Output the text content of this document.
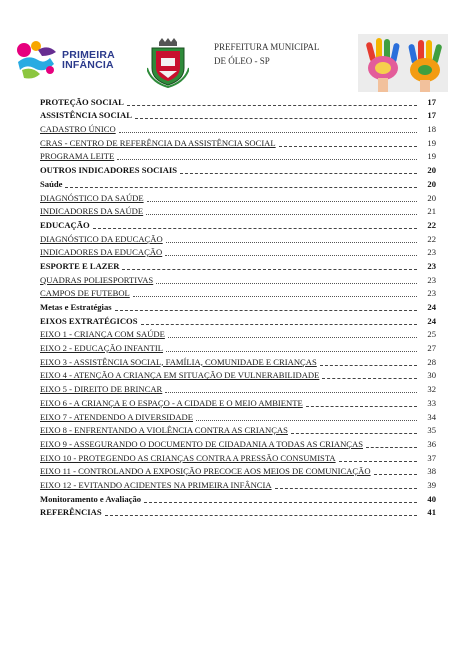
PRIMEIRA
INFÂNCIA
PREFEITURA MUNICIPAL
DE ÓLEO - SP
PROTEÇÃO SOCIAL	17
ASSISTÊNCIA SOCIAL	17
CADASTRO ÚNICO	18
CRAS - CENTRO DE REFERÊNCIA DA ASSISTÊNCIA SOCIAL	19
PROGRAMA LEITE	19
OUTROS INDICADORES SOCIAIS	20
Saúde	20
DIAGNÓSTICO DA SAÚDE	20
INDICADORES DA SAÚDE	21
EDUCAÇÃO	22
DIAGNÓSTICO DA EDUCAÇÃO	22
INDICADORES DA EDUCAÇÃO	23
ESPORTE E LAZER	23
QUADRAS POLIESPORTIVAS	23
CAMPOS DE FUTEBOL	23
Metas e Estratégias	24
EIXOS EXTRATÉGICOS	24
EIXO 1 - CRIANÇA COM SAÚDE	25
EIXO 2 - EDUCAÇÃO INFANTIL	27
EIXO 3 - ASSISTÊNCIA SOCIAL, FAMÍLIA, COMUNIDADE E CRIANÇAS	28
EIXO 4 - ATENÇÃO A CRIANÇA EM SITUAÇÃO DE VULNERABILIDADE	30
EIXO 5 - DIREITO DE BRINCAR	32
EIXO 6 - A CRIANÇA E O ESPAÇO - A CIDADE E O MEIO AMBIENTE	33
EIXO 7 - ATENDENDO A DIVERSIDADE	34
EIXO 8 - ENFRENTANDO A VIOLÊNCIA CONTRA AS CRIANÇAS	35
EIXO 9 - ASSEGURANDO O DOCUMENTO DE CIDADANIA A TODAS AS CRIANÇAS	36
EIXO 10 - PROTEGENDO AS CRIANÇAS CONTRA A PRESSÃO CONSUMISTA	37
EIXO 11 - CONTROLANDO A EXPOSIÇÃO PRECOCE AOS MEIOS DE COMUNICAÇÃO	38
EIXO 12 - EVITANDO ACIDENTES NA PRIMEIRA INFÂNCIA	39
Monitoramento e Avaliação	40
REFERÊNCIAS	41
